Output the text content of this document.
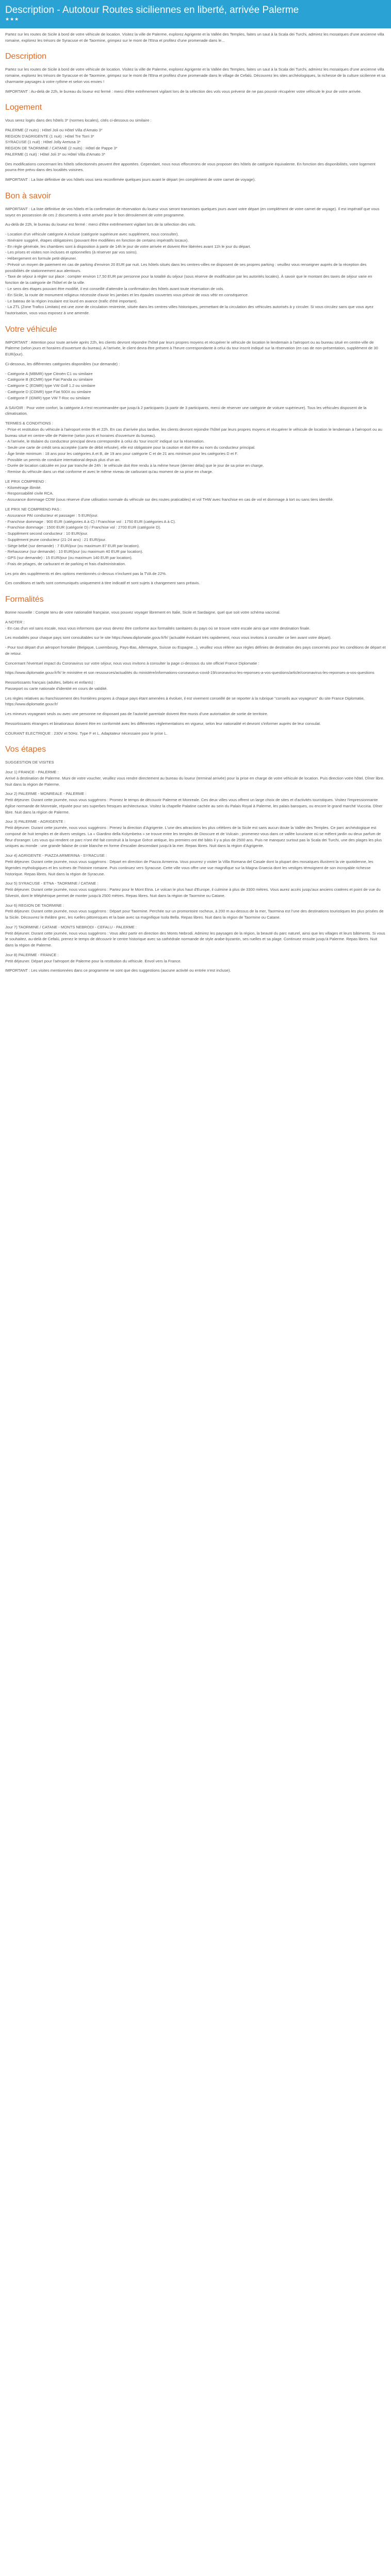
Description - Autotour Routes siciliennes en liberté, arrivée Palerme
★★★

Partez sur les routes de Sicile à bord de votre véhicule de location. Visitez la ville de Palerme, explorez Agrigente et la Vallée des Temples, faites un saut à la Scala dei Turchi, admirez les mosaïques d'une ancienne villa romaine, explorez les trésors de Syracuse et de Taormine, grimpez sur le mont de l'Etna et profitez d'une promenade dans le...

Description

Partez sur les routes de Sicile à bord de votre véhicule de location. Visitez la ville de Palerme, explorez Agrigente et la Vallée des Temples, faites un saut à la Scala dei Turchi, admirez les mosaïques d'une ancienne villa romaine, explorez les trésors de Syracuse et de Taormine, grimpez sur le mont de l'Etna et profitez d'une promenade dans le village de Cefalù. Découvrez les sites archéologiques, la richesse de la culture sicilienne et sa charmante paysages à votre rythme et selon vos envies !

IMPORTANT : Au-delà de 22h, le bureau du loueur est fermé : merci d'être extrêmement vigilant lors de la sélection des vols vous prévenir de ne pas pouvoir récupérer votre véhicule le jour de votre arrivée.

Logement

Vous serez logés dans des hôtels 3* (normes locales), cités ci-dessous ou similaire :

PALERME (2 nuits) : Hôtel Joli ou Hôtel Villa d'Amato 3*
REGION D'AGRIGENTE (1 nuit) : Hôtel Tre Torri 3*
SYRACUSE (1 nuit) : Hôtel Jolly Aretusa 3*
REGION DE TAORMINE / CATANE (2 nuits) : Hôtel de Pappe 3*
PALERME (1 nuit) : Hôtel Joli 3* ou Hôtel Villa d'Amato 3*

Des modifications concernant les hôtels sélectionnés peuvent être apportées. Cependant, nous nous efforcerons de vous proposer des hôtels de catégorie équivalente. En fonction des disponibilités, votre logement pourra être prévu dans des localités voisines.

IMPORTANT : La liste définitive de vos hôtels vous sera reconfirmée quelques jours avant le départ (en complément de votre carnet de voyage).

Bon à savoir

IMPORTANT : La liste définitive de vos hôtels et la confirmation de réservation du loueur vous seront transmises quelques jours avant votre départ (en complément de votre carnet de voyage). Il est impératif que vous soyez en possession de ces 2 documents à votre arrivée pour le bon déroulement de votre programme.

Au-delà de 22h, le bureau du loueur est fermé : merci d'être extrêmement vigilant lors de la sélection des vols.

- Location d'un véhicule catégorie A incluse (catégorie supérieure avec supplément, nous consulter).
- Itinéraire suggéré, étapes obligatoires (pouvant être modifiées en fonction de certains impératifs locaux).
- En règle générale, les chambres sont à disposition à partir de 14h le jour de votre arrivée et doivent être libérées avant 11h le jour du départ.
- Les prises et visites non incluses et optionnelles (à réserver par vos soins).
- Hébergement en formule petit-déjeuner.
- Prévoir un moyen de paiement en cas de parking d'environ 20 EUR par nuit. Les hôtels situés dans les centres-villes ne disposent de ses propres parking : veuillez vous renseigner auprès de la réception des possibilités de stationnement aux alentours.
- Taxe de séjour à régler sur place : compter environ 17,50 EUR par personne pour la totalité du séjour (sous réserve de modification par les autorités locales). À savoir que le montant des taxes de séjour varie en fonction de la catégorie de l'hôtel et de la ville.
- Le sens des étapes pouvant être modifié, il est conseillé d'attendre la confirmation des hôtels avant toute réservation de vols.
- En Sicile, la route de monument religieux nécessite d'avoir les jambes et les épaules couvertes vous prévoir de vous vêtir en conséquence.
- Le bateau de la région insulaire est lourd en avance (trafic d'été important).
- La ZTL (Zone Trafico Limitato) est une zone de circulation restreinte, située dans les centres-villes historiques, permettant de la circulation des véhicules autorisés à y circuler. Si vous circulez sans que vous ayez l'autorisation, vous vous exposez à une amende.
Votre véhicule

IMPORTANT : Attention pour toute arrivée après 22h, les clients devront répondre l'hôtel par leurs propres moyens et récupérer le véhicule de location le lendemain à l'aéroport ou au bureau situé en centre-ville de Palerme (selon jours et horaires d'ouverture du bureau). A l'arrivée, le client devra être présent à l'heure correspondante à celui du tour inscrit indiqué sur la réservation (en cas de non-présentation, supplément de 30 EUR/jour).

Ci-dessous, les différentes catégories disponibles (sur demande) :

- Catégorie A (MBMR) type Citroën C1 ou similaire
- Catégorie B (ECMR) type Fiat Panda ou similaire
- Catégorie C (EDMR) type VW Golf 1.2 ou similaire
- Catégorie D (CDMR) type Fiat 500X ou similaire
- Catégorie F (IDMR) type VW T-Roc ou similaire

A SAVOIR : Pour votre confort, la catégorie A n'est recommandée que jusqu'à 2 participants (à partir de 3 participants, merci de réserver une catégorie de voiture supérieure). Tous les véhicules disposent de la climatisation.

TERMES & CONDITIONS :
- Prise et restitution du véhicule à l'aéroport entre 9h et 22h. En cas d'arrivée plus tardive, les clients devront rejoindre l'hôtel par leurs propres moyens et récupérer le véhicule de location le lendemain à l'aéroport ou au bureau situé en centre-ville de Palerme (selon jours et horaires d'ouverture du bureau).
- A l'arrivée, le titulaire du conducteur principal devra correspondre à celui du 'tour inscrit' indiqué sur la réservation.
- Seule une carte de crédit sera acceptée (carte de débit refusée), elle est obligatoire pour la caution et doit être au nom du conducteur principal.
- Âge limite minimum : 18 ans pour les catégories A et B, de 19 ans pour catégorie C et de 21 ans minimum pour les catégories D et F.
- Possible un permis de conduire international depuis plus d'un an.
- Durée de location calculée en jour par tranche de 24h : le véhicule doit être rendu à la même heure (dernier délai) que le jour de sa prise en charge.
- Remise du véhicule dans un état conforme et avec le même niveau de carburant qu'au moment de sa prise en charge.
LE PRIX COMPREND :
- Kilométrage illimité.
- Responsabilité civile RCA.
- Assurance dommage CDW (sous réserve d'une utilisation normale du véhicule sur des routes praticables) et vol THW avec franchise en cas de vol et dommage à tort ou sans tiers identifié.
LE PRIX NE COMPREND PAS :
- Assurance PAI conducteur et passager : 5 EUR/jour.
- Franchise dommage : 900 EUR (catégories A à C) / Franchise vol : 1750 EUR (catégories A à C).
- Franchise dommage : 1500 EUR (catégorie D) / Franchise vol : 2700 EUR (catégorie D).
- Supplément second conducteur : 10 EUR/jour.
- Supplément jeune conducteur (21-24 ans) : 21 EUR/jour.
- Siège bébé (sur demande) : 7 EUR/jour (ou maximum 87 EUR par location).
- Rehausseur (sur demande) : 10 EUR/jour (ou maximum 40 EUR par location).
- GPS (sur demande) : 15 EUR/jour (ou maximum 140 EUR par location).
- Frais de péages, de carburant et de parking et frais d'administration.

Les prix des suppléments et des options mentionnés ci-dessus n'incluent pas la TVA de 22%.

Ces conditions et tarifs sont communiqués uniquement à titre indicatif et sont sujets à changement sans préavis.

Formalités

Bonne nouvelle : Compte tenu de votre nationalité française, vous pouvez voyager librement en Italie, Sicile et Sardaigne, quel que soit votre schéma vaccinal.

A NOTER :
- En cas d'un vol sans escale, nous vous informons que vous devrez être conforme aux formalités sanitaires du pays où se trouve votre escale ainsi que votre destination finale.

Les modalités pour chaque pays sont consultables sur le site https://www.diplomatie.gouv.fr/fr/ (actualité évoluant très rapidement, nous vous invitons à consulter ce lien avant votre départ).

- Pour tout départ d'un aéroport frontalier (Belgique, Luxembourg, Pays-Bas, Allemagne, Suisse ou Espagne...), veuillez vous référer aux règles définies de destination des pays concernés pour les conditions de départ et de retour.

Concernant l'éventuel impact du Coronavirus sur votre séjour, nous vous invitons à consulter la page ci-dessous du site officiel France Diplomatie :

https://www.diplomatie.gouv.fr/fr/ le ministère et son ressources/actualités du ministère/informations-coronavirus-covid-19/coronavirus-les-reponses-a-vos-questions/article/coronavirus-les-reponses-a-vos-questions

Ressortissants français (adultes, bébés et enfants) :
Passeport ou carte nationale d'identité en cours de validité.

Les règles relatives au franchissement des frontières propres à chaque pays étant amenées à évoluer, il est vivement conseillé de se reporter à la rubrique "conseils aux voyageurs" du site France Diplomatie, https://www.diplomatie.gouv.fr/

Les mineurs voyageant seuls ou avec une personne ne disposant pas de l'autorité parentale doivent être munis d'une autorisation de sortie de territoire.

Ressortissants étrangers et binationaux doivent être en conformité avec les différentes réglementations en vigueur, selon leur nationalité et devront s'informer auprès de leur consulat.

COURANT ELECTRIQUE : 230V et 50Hz. Type F et L. Adaptateur nécessaire pour le prise L.

Vos étapes

SUGGESTION DE VISITES

Jour 1) FRANCE - PALERME :
Arrivé à destination de Palerme. Muni de votre voucher, veuillez vous rendre directement au bureau du loueur (terminal arrivée) pour la prise en charge de votre véhicule de location. Puis direction votre hôtel. Dîner libre. Nuit dans la région de Palerme.
Jour 2) PALERME - MONREALE - PALERME :
Petit déjeuner. Durant cette journée, nous vous suggérons : Promez le temps de découvrir Palerme et Monreale. Ces deux villes vous offrent un large choix de sites et d'activités touristiques. Visitez l'impressionnante église normande de Monreale, réputée pour ses superbes fresques architecturaux. Visitez la chapelle Palatine cachée au sein du Palais Royal à Palerme, les palais baroques, ou encore le grand marché Vucciria. Dîner libre. Nuit dans la région de Palerme.
Jour 3) PALERME - AGRIGENTE :
Petit déjeuner. Durant cette journée, nous vous suggérons : Prenez la direction d'Agrigente. L'une des attractions les plus célèbres de la Sicile est sans aucun doute la Vallée des Temples. Ce parc archéologique est composé de huit temples et de divers vestiges. La « Giardino della Kolymbetra » se trouve entre les temples de Dioscure et de Vulcain ; promenez-vous dans ce vallée luxuriante où se mêlent jardin ou deux parfum de fleur d'oranger. Les vous qui rendent ce parc n'ont été fait construit à la longue Grèce antique, les premiers ont été bâtis il y a plus de 2500 ans. Puis ne manquez surtout pas la Scala dei Turchi, une des plages les plus uniques au monde : une grande falaise de craie blanche en forme d'escalier descendant jusqu'à la mer. Repas libres. Nuit dans la région d'Agrigente.
Jour 4) AGRIGENTE - PIAZZA ARMERINA - SYRACUSE :
Petit déjeuner. Durant cette journée, nous vous suggérons : Départ en direction de Piazza Armerina. Vous pourrez y visiter la Villa Romana del Casale dont la plupart des mosaïques illustrent la vie quotidienne, les légendes mythologiques et les scènes de l'histoire romaine. Puis continuez vers Syracuse. Cette ville vous offre une vue magnifique sur la Magna Graecia dont les vestiges témoignent de son incroyable richesse historique. Repas libres. Nuit dans la région de Syracuse.
Jour 5) SYRACUSE - ETNA - TAORMINE / CATANE :
Petit déjeuner. Durant cette journée, nous vous suggérons : Partez pour le Mont Etna. Le volcan le plus haut d'Europe, il culmine à plus de 3300 mètres. Vous aurez accès jusqu'aux anciens cratères et point de vue du Silvestri, dont le téléphérique permet de monter jusqu'à 2500 mètres. Repas libres. Nuit dans la région de Taormine ou Catane.
Jour 6) REGION DE TAORMINE :
Petit déjeuner. Durant cette journée, nous vous suggérons : Départ pour Taormine. Perchée sur un promontoire rocheux, à 200 m au-dessus de la mer, Taormina est l'une des destinations touristiques les plus prisées de la Sicile. Découvrez le théâtre grec, les ruelles pittoresques et la baie avec sa magnifique Isola Bella. Repas libres. Nuit dans la région de Taormine ou Catane.
Jour 7) TAORMINE / CATANE - MONTS NEBRODI - CEFALU - PALERME :
Petit déjeuner. Durant cette journée, nous vous suggérons : Vous allez partir en direction des Monts Nebrodi. Admirez les paysages de la région, la beauté du parc naturel, ainsi que les villages et leurs bâtiments. Si vous le souhaitez, au-delà de Cefalù, prenez le temps de découvrir le centre historique avec sa cathédrale normande de style arabe-byzantin, ses ruelles et sa plage. Continuez ensuite jusqu'à Palerme. Repas libres. Nuit dans la région de Palerme.
Jour 8) PALERME - FRANCE :
Petit déjeuner. Départ pour l'aéroport de Palerme pour la restitution du véhicule. Envol vers la France.

IMPORTANT : Les visites mentionnées dans ce programme ne sont que des suggestions (aucune activité ou entrée n'est incluse).
